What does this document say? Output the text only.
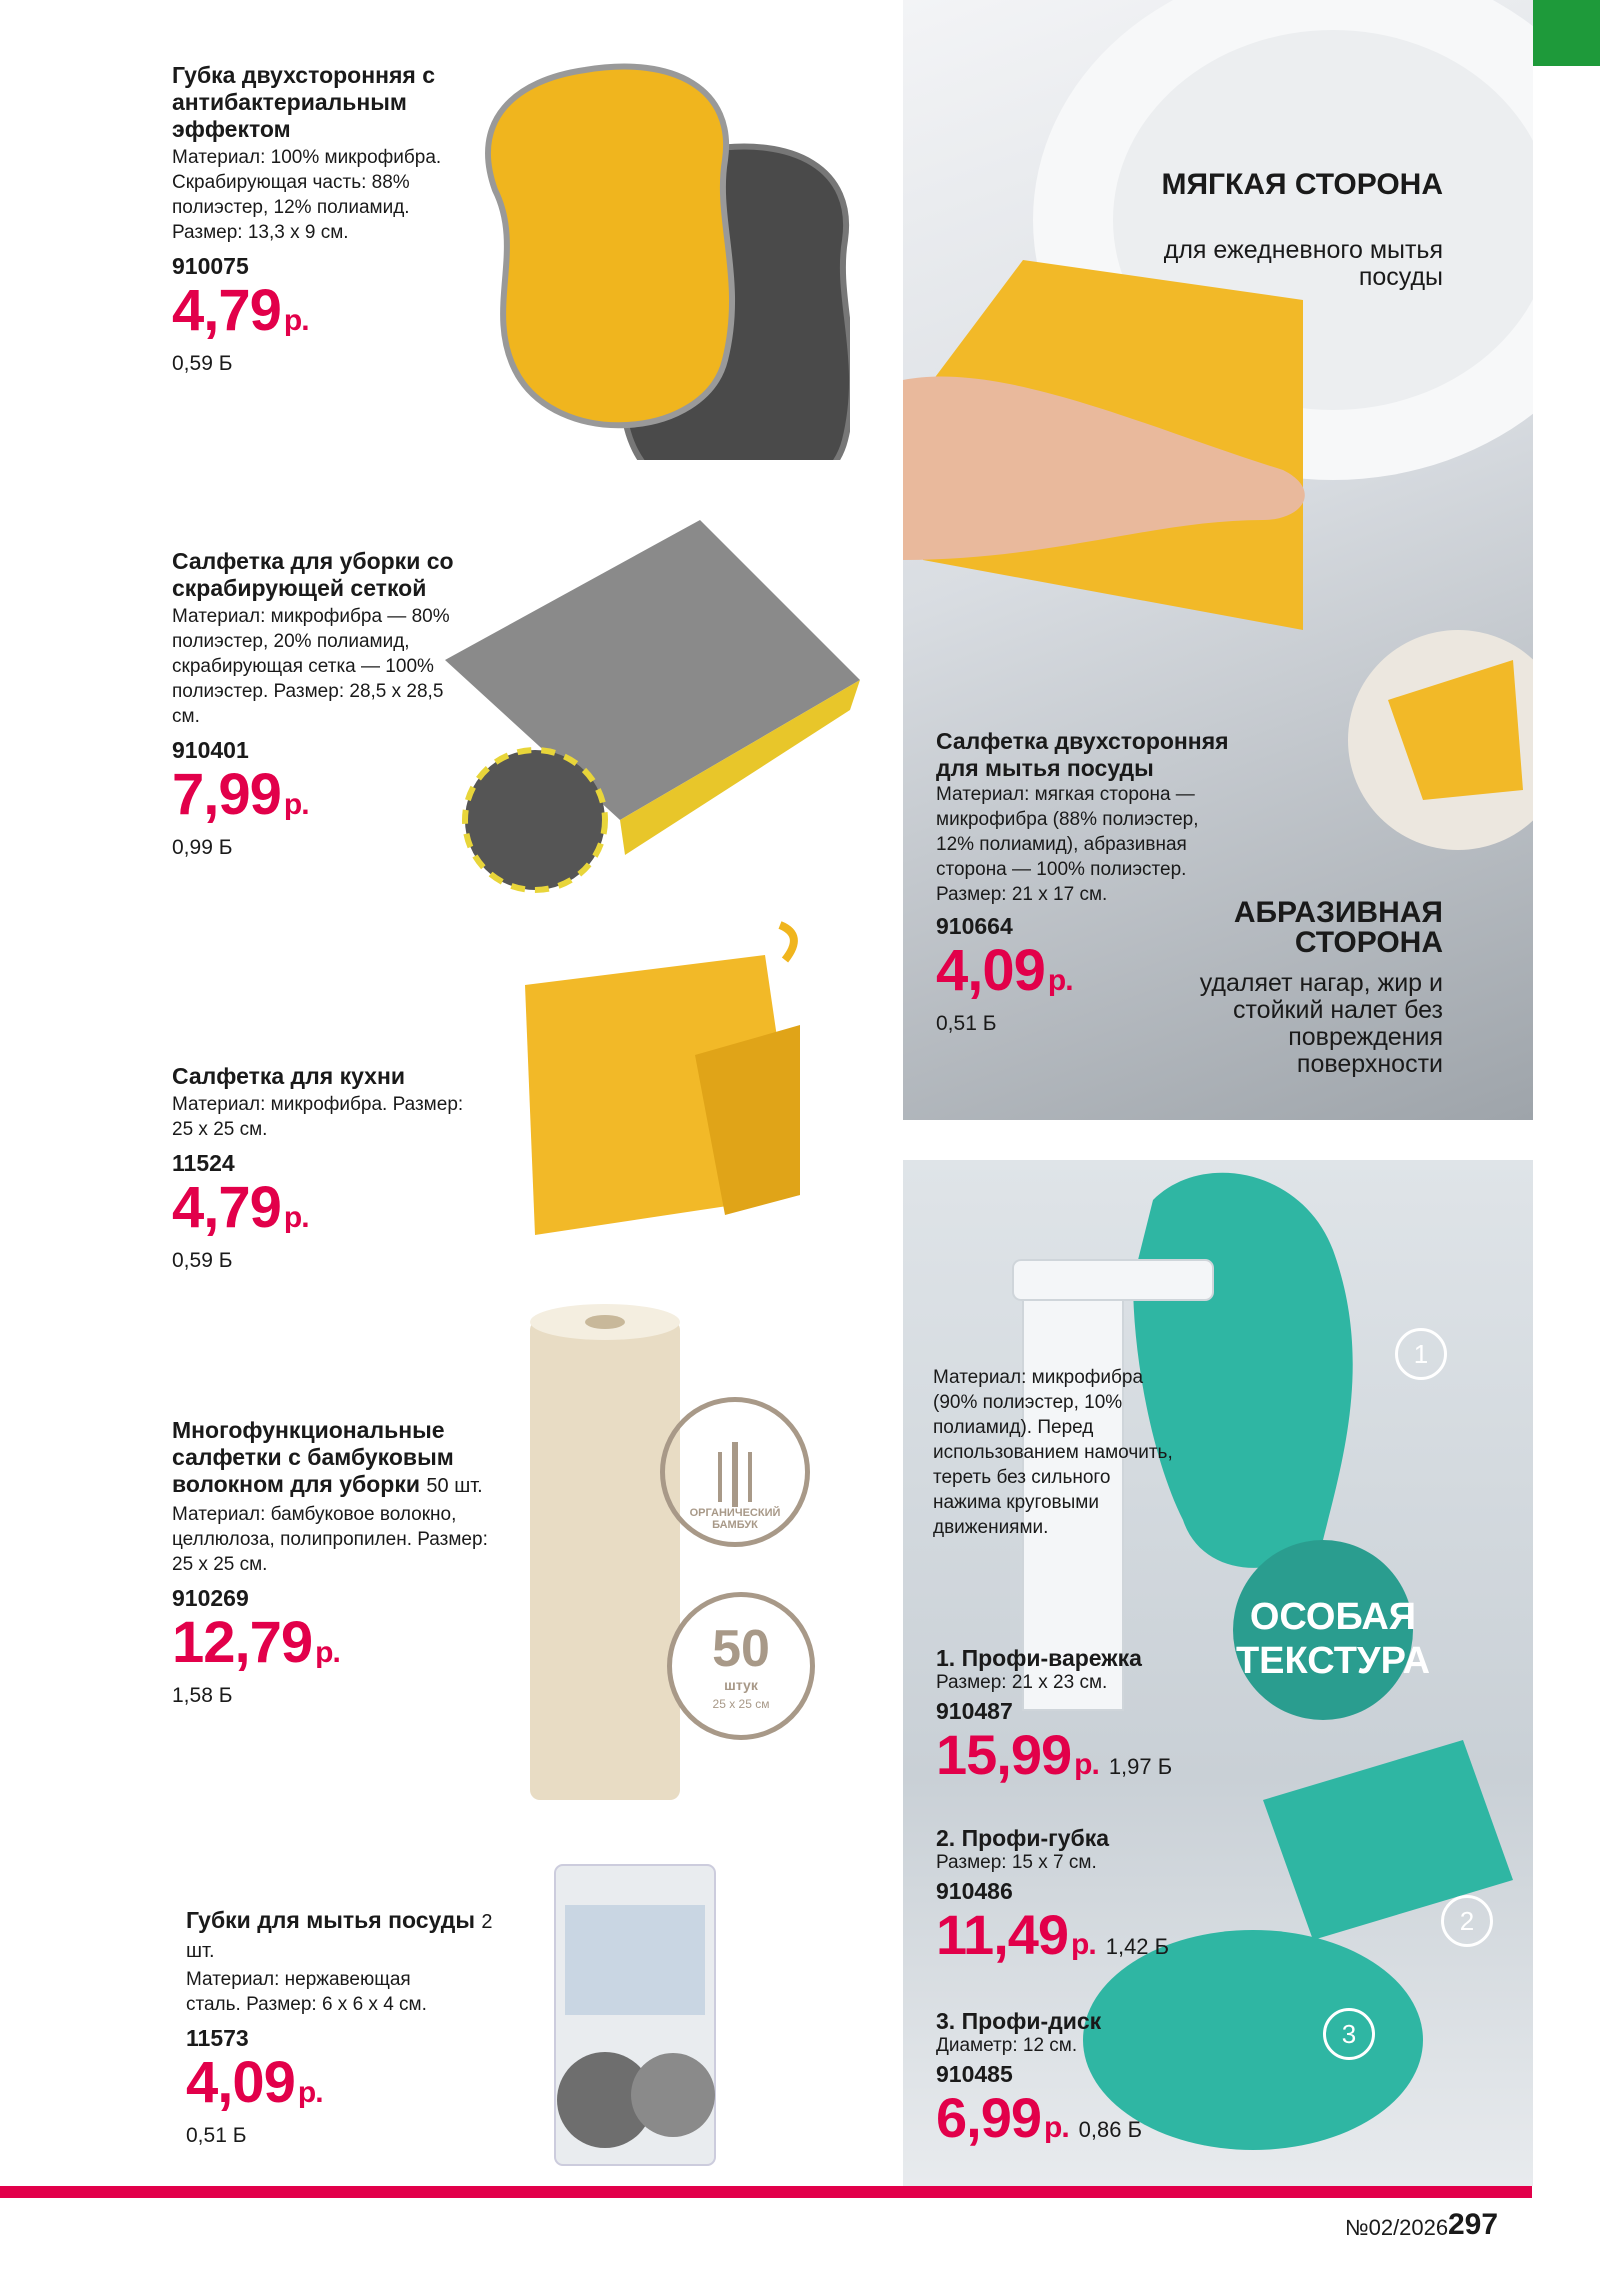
Губка двухсторонняя с антибактериальным эффектом
Материал: 100% микрофибра. Скрабирующая часть: 88% полиэстер, 12% полиамид. Размер: 13,3 х 9 см.
910075
4,79 р.
0,59 Б
Салфетка для уборки со скрабирующей сеткой
Материал: микрофибра — 80% полиэстер, 20% полиамид, скрабирующая сетка — 100% полиэстер. Размер: 28,5 х 28,5 см.
910401
7,99 р.
0,99 Б
Салфетка для кухни
Материал: микрофибра. Размер: 25 х 25 см.
11524
4,79 р.
0,59 Б
Многофункциональные салфетки с бамбуковым волокном для уборки 50 шт.
Материал: бамбуковое волокно, целлюлоза, полипропилен. Размер: 25 х 25 см.
910269
12,79 р.
1,58 Б
ОРГАНИЧЕСКИЙ БАМБУК
50
штук
25 х 25 см
Губки для мытья посуды 2 шт.
Материал: нержавеющая сталь. Размер: 6 х 6 х 4 см.
11573
4,09 р.
0,51 Б
МЯГКАЯ СТОРОНА
для ежедневного мытья посуды
АБРАЗИВНАЯ СТОРОНА
удаляет нагар, жир и стойкий налет без повреждения поверхности
Салфетка двухсторонняя для мытья посуды
Материал: мягкая сторона — микрофибра (88% полиэстер, 12% полиамид), абразивная сторона — 100% полиэстер. Размер: 21 х 17 см.
910664
4,09 р.
0,51 Б
ОСОБАЯ ТЕКСТУРА
1
2
3
Материал: микрофибра (90% полиэстер, 10% полиамид). Перед использованием намочить, тереть без сильного нажима круговыми движениями.
1. Профи-варежка
Размер: 21 х 23 см.
910487
15,99 р. 1,97 Б
2. Профи-губка
Размер: 15 х 7 см.
910486
11,49 р. 1,42 Б
3. Профи-диск
Диаметр: 12 см.
910485
6,99 р. 0,86 Б
№02/2026 297
